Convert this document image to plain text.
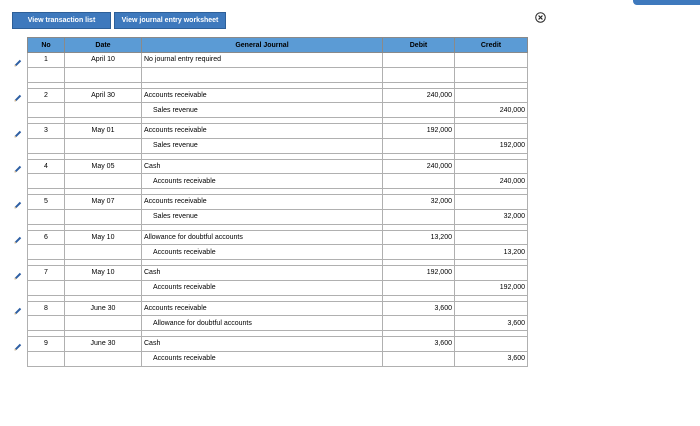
View transaction list	View journal entry worksheet
No	Date	General Journal	Debit	Credit
1	April 10	No journal entry required		

2	April 30	Accounts receivable	240,000	
		Sales revenue		240,000

3	May 01	Accounts receivable	192,000	
		Sales revenue		192,000

4	May 05	Cash	240,000	
		Accounts receivable		240,000

5	May 07	Accounts receivable	32,000	
		Sales revenue		32,000

6	May 10	Allowance for doubtful accounts	13,200	
		Accounts receivable		13,200

7	May 10	Cash	192,000	
		Accounts receivable		192,000

8	June 30	Accounts receivable	3,600	
		Allowance for doubtful accounts		3,600

9	June 30	Cash	3,600	
		Accounts receivable		3,600
